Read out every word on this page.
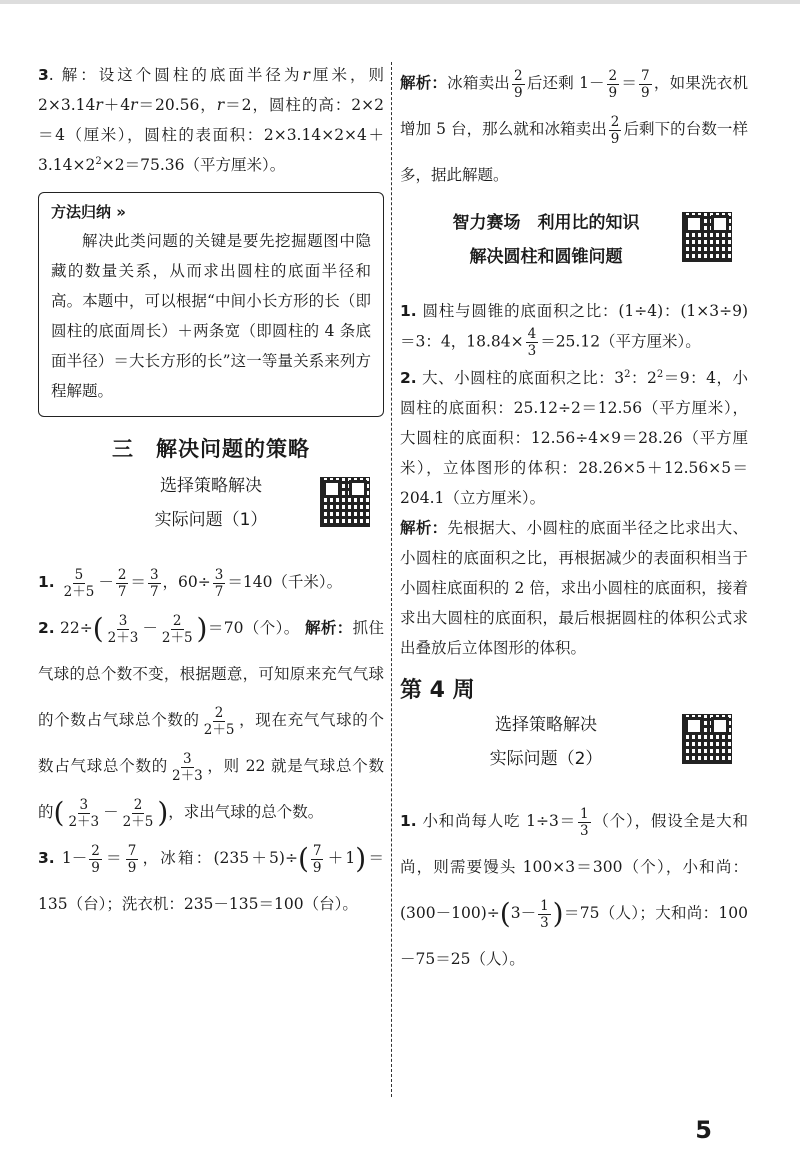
3. 解：设这个圆柱的底面半径为r厘米，则 2×3.14r＋4r＝20.56，r＝2，圆柱的高：2×2＝4（厘米），圆柱的表面积：$2\times 3.14\times 2\times 4+3.14\times 2^2\times 2=75.36$（平方厘米）。

方法归纳 »

解决此类问题的关键是要先挖掘题图中隐藏的数量关系，从而求出圆柱的底面半径和高。本题中，可以根据“中间小长方形的长（即圆柱的底面周长）＋两条宽（即圆柱的 4 条底面半径）＝大长方形的长”这一等量关系来列方程解题。

三　解决问题的策略
选择策略解决
实际问题（1）

1. $\frac{5}{2+5} - \frac{2}{7} = \frac{3}{7}$ ，$60\div \frac{3}{7} =140$（千米）。

2. $22\div( \frac{3}{2+3} - \frac{2}{2+5} )=70$（个）。 解析：抓住气球的总个数不变，根据题意，可知原来充气气球的个数占气球总个数的 $\frac{2}{2+5}$ ，现在充气气球的个数占气球总个数的 $\frac{3}{2+3}$ ，则 22 就是气球总个数的( $\frac{3}{2+3} - \frac{2}{2+5}$ )，求出气球的总个数。

3. $1- \frac{2}{9} = \frac{7}{9}$ ，冰箱：$(235+5)\div( \frac{7}{9} +1)=135$（台）；洗衣机：235－135＝100（台）。

解析：冰箱卖出 $\frac{2}{9}$ 后还剩 $1- \frac{2}{9} = \frac{7}{9}$ ，如果洗衣机增加 5 台，那么就和冰箱卖出 $\frac{2}{9}$ 后剩下的台数一样多，据此解题。

智力赛场　利用比的知识
解决圆柱和圆锥问题

1. 圆柱与圆锥的底面积之比：(1÷4)：(1×3÷9)＝3：4，$18.84\times \frac{4}{3} =25.12$（平方厘米）。

2. 大、小圆柱的底面积之比：$3^2$：$2^2=9$：4，小圆柱的底面积：25.12÷2＝12.56（平方厘米），大圆柱的底面积：12.56÷4×9＝28.26（平方厘米），立体图形的体积：28.26×5＋12.56×5＝204.1（立方厘米）。

解析：先根据大、小圆柱的底面半径之比求出大、小圆柱的底面积之比，再根据减少的表面积相当于小圆柱底面积的 2 倍，求出小圆柱的底面积，接着求出大圆柱的底面积，最后根据圆柱的体积公式求出叠放后立体图形的体积。

第 4 周
选择策略解决
实际问题（2）

1. 小和尚每人吃 $1\div 3= \frac{1}{3}$ （个），假设全是大和尚，则需要馒头 100×3＝300（个），小和尚：$(300-100)\div(3- \frac{1}{3} )=75$（人）；大和尚：100－75＝25（人）。

5
